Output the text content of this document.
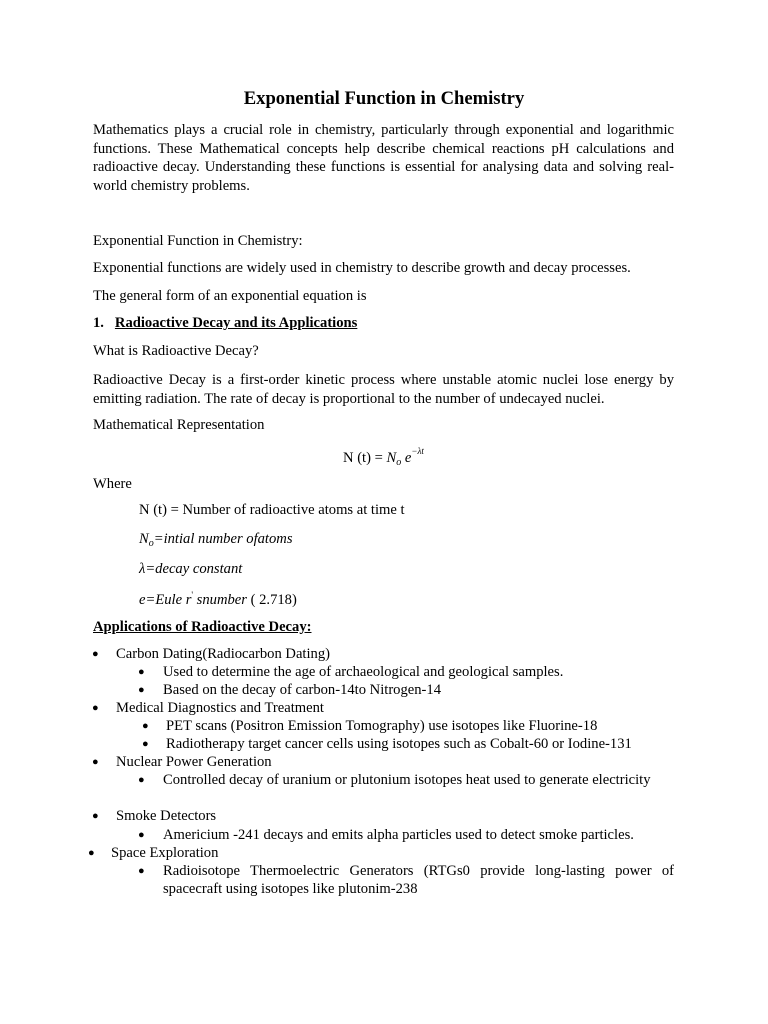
Exponential Function in Chemistry
Mathematics plays a crucial role in chemistry, particularly through exponential and logarithmic functions. These Mathematical concepts help describe chemical reactions pH calculations and radioactive decay. Understanding these functions is essential for analysing data and solving real-world chemistry problems.
Exponential Function in Chemistry:
Exponential functions are widely used in chemistry to describe growth and decay processes.
The general form of an exponential equation is
1. Radioactive Decay and its Applications
What is Radioactive Decay?
Radioactive Decay is a first-order kinetic process where unstable atomic nuclei lose energy by emitting radiation. The rate of decay is proportional to the number of undecayed nuclei.
Mathematical Representation
N $(t) = N_o$ $e^{-\lambda t}$
Where
N (t) = Number of radioactive atoms at time t
$N_o=intial$ number ofatoms
λ=decay constant
e=Eule r' snumber ( 2.718)
Applications of Radioactive Decay:
● Carbon Dating(Radiocarbon Dating)
● Used to determine the age of archaeological and geological samples.
● Based on the decay of carbon-14to Nitrogen-14
● Medical Diagnostics and Treatment
● PET scans (Positron Emission Tomography) use isotopes like Fluorine-18
● Radiotherapy target cancer cells using isotopes such as Cobalt-60 or Iodine-131
● Nuclear Power Generation
● Controlled decay of uranium or plutonium isotopes heat used to generate electricity
● Smoke Detectors
● Americium -241 decays and emits alpha particles used to detect smoke particles.
● Space Exploration
● Radioisotope Thermoelectric Generators (RTGs0 provide long-lasting power of spacecraft using isotopes like plutonim-238
